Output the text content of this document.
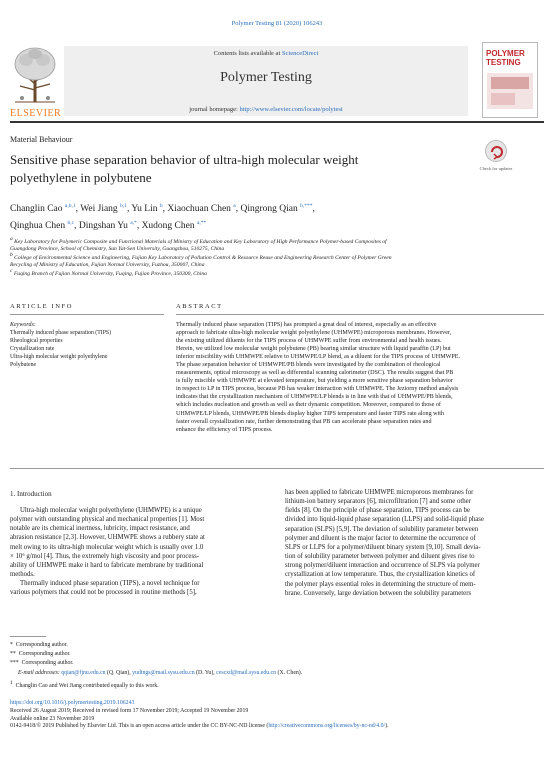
Polymer Testing 81 (2020) 106243
Contents lists available at ScienceDirect
Polymer Testing
journal homepage: http://www.elsevier.com/locate/polytest
ELSEVIER
POLYMER
TESTING
Material Behaviour
Sensitive phase separation behavior of ultra-high molecular weight
polyethylene in polybutene
Check for updates
Changlin Cao $^{a,b,1}$, Wei Jiang $^{b,1}$, Yu Lin $^b$, Xiaochuan Chen $^a$, Qingrong Qian $^{b,***}$,
Qinghua Chen $^{b,c}$, Dingshan Yu $^{a,*}$, Xudong Chen $^{a,**}$
$^a$ Key Laboratory for Polymeric Composite and Functional Materials of Ministry of Education and Key Laboratory of High Performance Polymer-based Composites of
Guangdong Province, School of Chemistry, Sun Yat-Sen University, Guangzhou, 510275, China
$^b$ College of Environmental Science and Engineering, Fujian Key Laboratory of Pollution Control & Resource Reuse and Engineering Research Center of Polymer Green
Recycling of Ministry of Education, Fujian Normal University, Fuzhou, 350007, China
$^c$ Fuqing Branch of Fujian Normal University, Fuqing, Fujian Province, 350300, China
ARTICLE INFO	ABSTRACT
Keywords:
Thermally induced phase separation (TIPS)
Rheological properties
Crystallization rate
Ultra-high molecular weight polyethylene
Polybutene
Thermally induced phase separation (TIPS) has prompted a great deal of interest, especially as an effective
approach to fabricate ultra-high molecular weight polyethylene (UHMWPE) microporous membranes. However,
the existing utilized diluents for the TIPS process of UHMWPE suffer from environmental and health issues.
Herein, we utilized low molecular weight polybutene (PB) bearing similar structure with liquid paraffin (LP) but
inferior miscibility with UHMWPE relative to UHMWPE/LP blend, as a diluent for the TIPS process of UHMWPE.
The phase separation behavior of UHMWPE/PB blends were investigated by the combination of rheological
measurements, optical microscopy as well as differential scanning calorimeter (DSC). The results suggest that PB
is fully miscible with UHMWPE at elevated temperature, but yielding a more sensitive phase separation behavior
in respect to LP in TIPS process, because PB has weaker interaction with UHMWPE. The Jeziorny method analysis
indicates that the crystallization mechanism of UHMWPE/LP blends is in line with that of UHMWPE/PB blends,
which includes nucleation and growth as well as their dynamic competition. Moreover, compared to those of
UHMWPE/LP blends, UHMWPE/PB blends display higher TIPS temperature and faster TIPS rate along with
faster overall crystallization rate, further demonstrating that PB can accelerate phase separation rates and
enhance the efficiency of TIPS process.
1. Introduction
Ultra-high molecular weight polyethylene (UHMWPE) is a unique
polymer with outstanding physical and mechanical properties [1]. Most
notable are its chemical inertness, lubricity, impact resistance, and
abrasion resistance [2,3]. However, UHMWPE shows a rubbery state at
melt owing to its ultra-high molecular weight which is usually over 1.0
× 10⁶ g/mol [4]. Thus, the extremely high viscosity and poor process-
ability of UHMWPE make it hard to fabricate membrane by traditional
methods.
Thermally induced phase separation (TIPS), a novel technique for
various polymers that could not be processed in routine methods [5],
has been applied to fabricate UHMWPE microporous membranes for
lithium-ion battery separators [6], microfiltration [7] and some other
fields [8]. On the principle of phase separation, TIPS process can be
divided into liquid-liquid phase separation (LLPS) and solid-liquid phase
separation (SLPS) [5,9]. The deviation of solubility parameter between
polymer and diluent is the major factor to determine the occurrence of
SLPS or LLPS for a polymer/diluent binary system [9,10]. Small devia-
tion of solubility parameter between polymer and diluent gives rise to
strong polymer/diluent interaction and occurrence of SLPS via polymer
crystallization at low temperature. Thus, the crystallization kinetics of
the polymer plays essential roles in determining the structure of mem-
brane. Conversely, large deviation between the solubility parameters
* Corresponding author.
** Corresponding author.
*** Corresponding author.
E-mail addresses: qqian@fjnu.edu.cn (Q. Qian), yudings@mail.sysu.edu.cn (D. Yu), cescxd@mail.sysu.edu.cn (X. Chen).
$^1$ Changlin Cao and Wei Jiang contributed equally to this work.
https://doi.org/10.1016/j.polymertesting.2019.106243
Received 26 August 2019; Received in revised form 17 November 2019; Accepted 19 November 2019
Available online 23 November 2019
0142-9418/© 2019 Published by Elsevier Ltd. This is an open access article under the CC BY-NC-ND license (http://creativecommons.org/licenses/by-nc-nd/4.0/).
